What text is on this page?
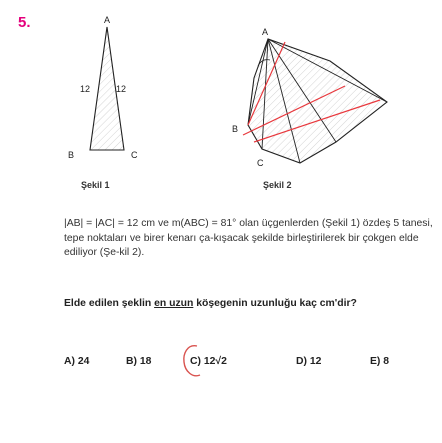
5.	A
B	C
12	12
A
B
C
Şekil 1	Şekil 2
|AB| = |AC| = 12 cm ve m(ABC) = 81° olan üçgenlerden (Şekil 1) özdeş 5 tanesi, tepe noktaları ve birer kenarı ça-kışacak şekilde birleştirilerek bir çokgen elde ediliyor (Şe-kil 2).
Elde edilen şeklin en uzun köşegenin uzunluğu kaç cm'dir?
A) 24	B) 18	C) 12√2	D) 12	E) 8
